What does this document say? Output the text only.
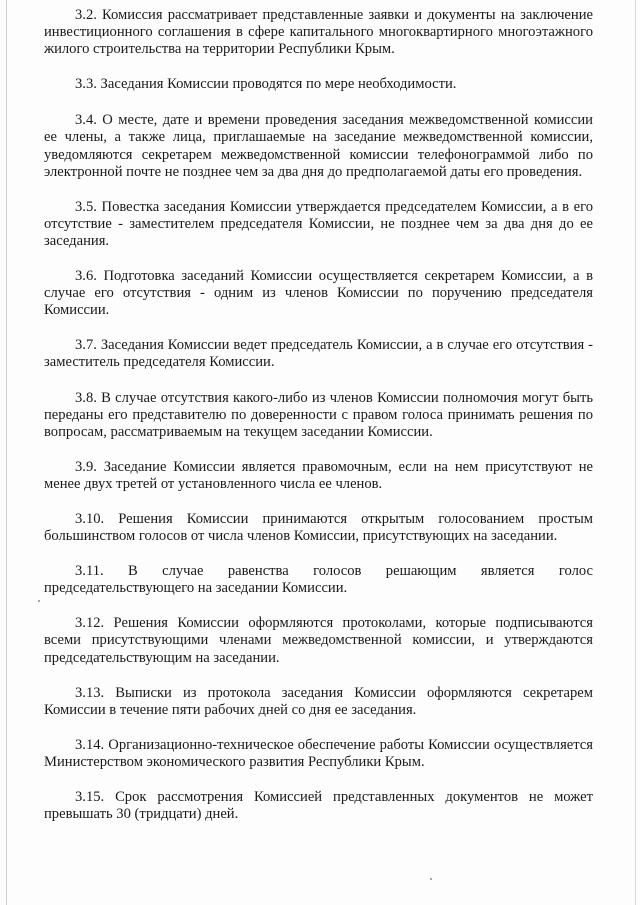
3.2. Комиссия рассматривает представленные заявки и документы на заключение инвестиционного соглашения в сфере капитального многоквартирного многоэтажного жилого строительства на территории Республики Крым.

3.3. Заседания Комиссии проводятся по мере необходимости.

3.4. О месте, дате и времени проведения заседания межведомственной комиссии ее члены, а также лица, приглашаемые на заседание межведомственной комиссии, уведомляются секретарем межведомственной комиссии телефонограммой либо по электронной почте не позднее чем за два дня до предполагаемой даты его проведения.

3.5. Повестка заседания Комиссии утверждается председателем Комиссии, а в его отсутствие - заместителем председателя Комиссии, не позднее чем за два дня до ее заседания.

3.6. Подготовка заседаний Комиссии осуществляется секретарем Комиссии, а в случае его отсутствия - одним из членов Комиссии по поручению председателя Комиссии.

3.7. Заседания Комиссии ведет председатель Комиссии, а в случае его отсутствия - заместитель председателя Комиссии.

3.8. В случае отсутствия какого-либо из членов Комиссии полномочия могут быть переданы его представителю по доверенности с правом голоса принимать решения по вопросам, рассматриваемым на текущем заседании Комиссии.

3.9. Заседание Комиссии является правомочным, если на нем присутствуют не менее двух третей от установленного числа ее членов.

3.10. Решения Комиссии принимаются открытым голосованием простым большинством голосов от числа членов Комиссии, присутствующих на заседании.

3.11. В случае равенства голосов решающим является голос председательствующего на заседании Комиссии.

3.12. Решения Комиссии оформляются протоколами, которые подписываются всеми присутствующими членами межведомственной комиссии, и утверждаются председательствующим на заседании.

3.13. Выписки из протокола заседания Комиссии оформляются секретарем Комиссии в течение пяти рабочих дней со дня ее заседания.

3.14. Организационно-техническое обеспечение работы Комиссии осуществляется Министерством экономического развития Республики Крым.

3.15. Срок рассмотрения Комиссией представленных документов не может превышать 30 (тридцати) дней.
